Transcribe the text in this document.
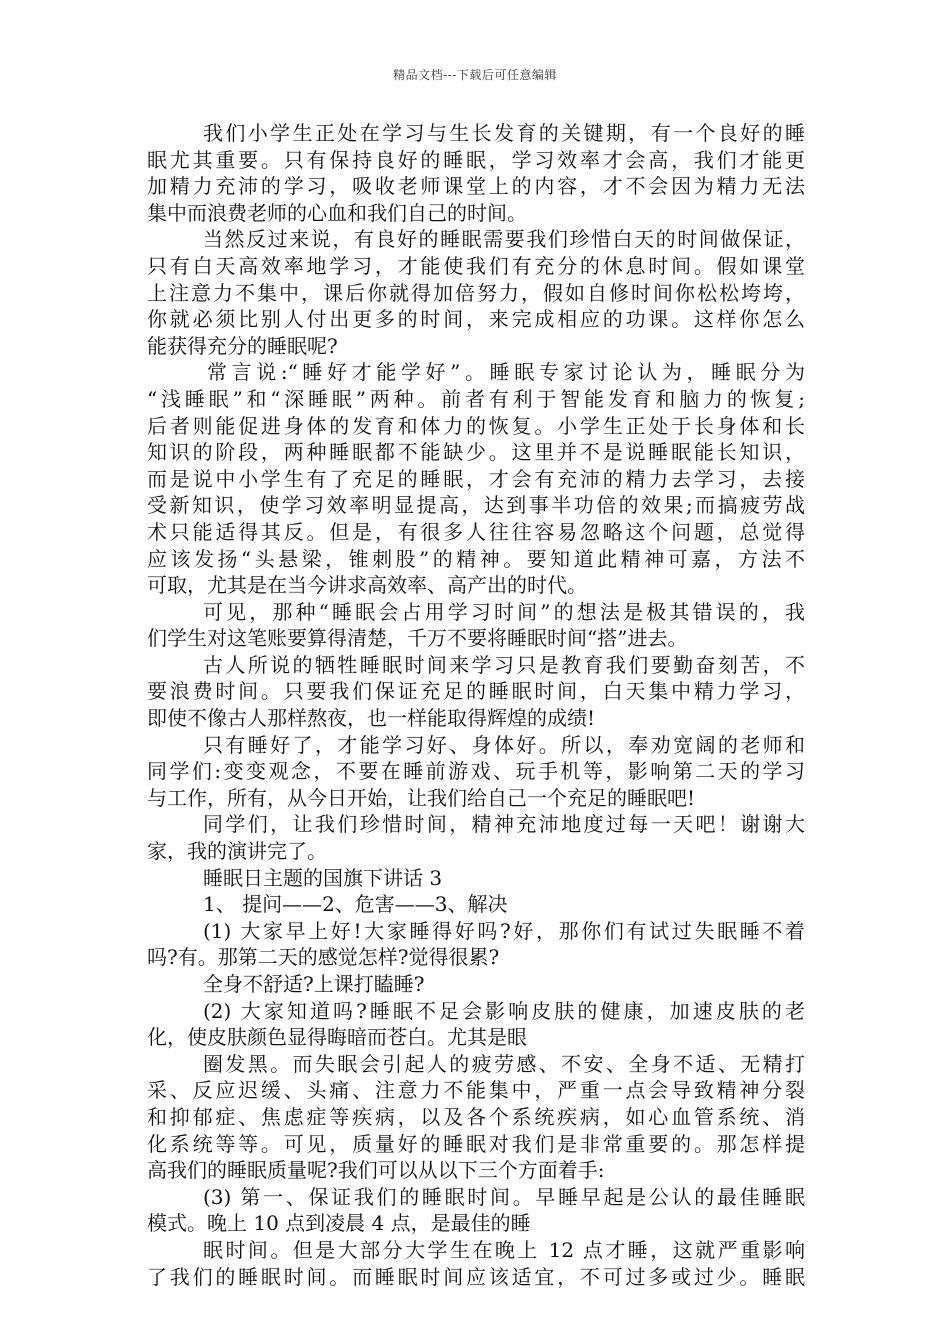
精品文档---下载后可任意编辑
我们小学生正处在学习与生长发育的关键期，有一个良好的睡
眠尤其重要。只有保持良好的睡眠，学习效率才会高，我们才能更
加精力充沛的学习，吸收老师课堂上的内容，才不会因为精力无法
集中而浪费老师的心血和我们自己的时间。
当然反过来说，有良好的睡眠需要我们珍惜白天的时间做保证，
只有白天高效率地学习，才能使我们有充分的休息时间。假如课堂
上注意力不集中，课后你就得加倍努力，假如自修时间你松松垮垮，
你就必须比别人付出更多的时间，来完成相应的功课。这样你怎么
能获得充分的睡眠呢?
常言说:“睡好才能学好”。睡眠专家讨论认为，睡眠分为
“浅睡眠”和“深睡眠”两种。前者有利于智能发育和脑力的恢复;
后者则能促进身体的发育和体力的恢复。小学生正处于长身体和长
知识的阶段，两种睡眠都不能缺少。这里并不是说睡眠能长知识，
而是说中小学生有了充足的睡眠，才会有充沛的精力去学习，去接
受新知识，使学习效率明显提高，达到事半功倍的效果;而搞疲劳战
术只能适得其反。但是，有很多人往往容易忽略这个问题，总觉得
应该发扬“头悬梁，锥刺股”的精神。要知道此精神可嘉，方法不
可取，尤其是在当今讲求高效率、高产出的时代。
可见，那种“睡眠会占用学习时间”的想法是极其错误的，我
们学生对这笔账要算得清楚，千万不要将睡眠时间“搭”进去。
古人所说的牺牲睡眠时间来学习只是教育我们要勤奋刻苦，不
要浪费时间。只要我们保证充足的睡眠时间，白天集中精力学习，
即使不像古人那样熬夜，也一样能取得辉煌的成绩!
只有睡好了，才能学习好、身体好。所以，奉劝宽阔的老师和
同学们:变变观念，不要在睡前游戏、玩手机等，影响第二天的学习
与工作，所有，从今日开始，让我们给自己一个充足的睡眠吧!
同学们，让我们珍惜时间，精神充沛地度过每一天吧！谢谢大
家，我的演讲完了。
睡眠日主题的国旗下讲话 3
1、 提问——2、危害——3、解决
(1) 大家早上好!大家睡得好吗?好，那你们有试过失眠睡不着
吗?有。那第二天的感觉怎样?觉得很累?
全身不舒适?上课打瞌睡?
(2) 大家知道吗?睡眠不足会影响皮肤的健康，加速皮肤的老
化，使皮肤颜色显得晦暗而苍白。尤其是眼
圈发黑。而失眠会引起人的疲劳感、不安、全身不适、无精打
采、反应迟缓、头痛、注意力不能集中，严重一点会导致精神分裂
和抑郁症、焦虑症等疾病，以及各个系统疾病，如心血管系统、消
化系统等等。可见，质量好的睡眠对我们是非常重要的。那怎样提
高我们的睡眠质量呢?我们可以从以下三个方面着手:
(3) 第一、保证我们的睡眠时间。早睡早起是公认的最佳睡眠
模式。晚上 10 点到凌晨 4 点，是最佳的睡
眠时间。但是大部分大学生在晚上 12 点才睡，这就严重影响
了我们的睡眠时间。而睡眠时间应该适宜，不可过多或过少。睡眠
